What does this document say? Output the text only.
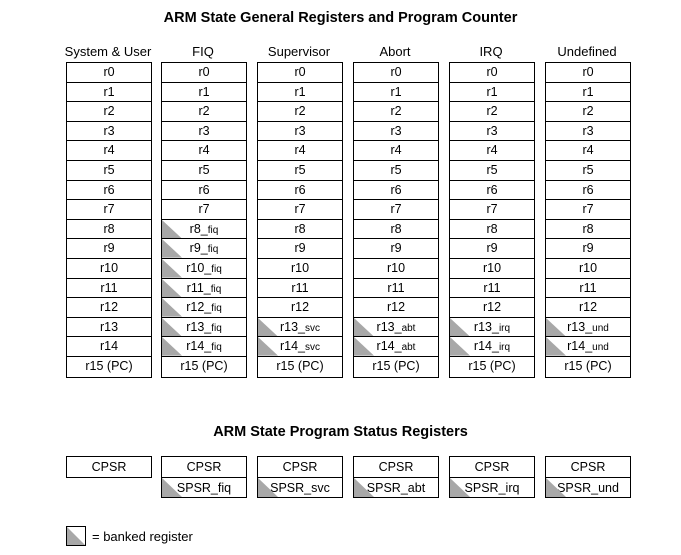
ARM State General Registers and Program Counter
ARM State Program Status Registers
System & User
r0
r1
r2
r3
r4
r5
r6
r7
r8
r9
r10
r11
r12
r13
r14
r15 (PC)
CPSR
FIQ
r0
r1
r2
r3
r4
r5
r6
r7
r8_fiq
r9_fiq
r10_fiq
r11_fiq
r12_fiq
r13_fiq
r14_fiq
r15 (PC)
CPSR
SPSR_fiq
Supervisor
r0
r1
r2
r3
r4
r5
r6
r7
r8
r9
r10
r11
r12
r13_svc
r14_svc
r15 (PC)
CPSR
SPSR_svc
Abort
r0
r1
r2
r3
r4
r5
r6
r7
r8
r9
r10
r11
r12
r13_abt
r14_abt
r15 (PC)
CPSR
SPSR_abt
IRQ
r0
r1
r2
r3
r4
r5
r6
r7
r8
r9
r10
r11
r12
r13_irq
r14_irq
r15 (PC)
CPSR
SPSR_irq
Undefined
r0
r1
r2
r3
r4
r5
r6
r7
r8
r9
r10
r11
r12
r13_und
r14_und
r15 (PC)
CPSR
SPSR_und
= banked register
